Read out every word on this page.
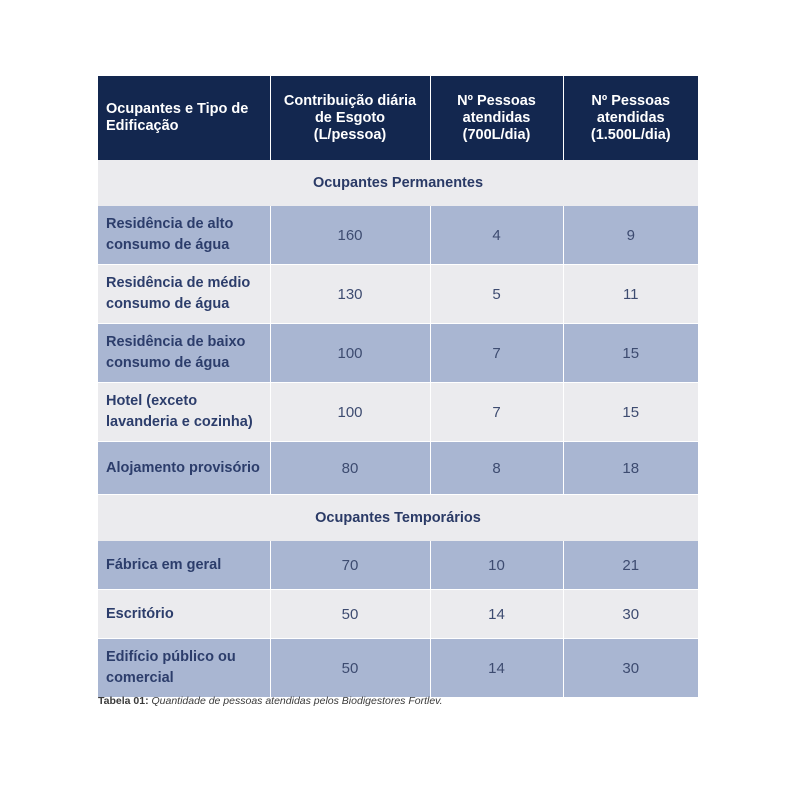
Ocupantes e Tipo de Edificação	Contribuição diária de Esgoto (L/pessoa)	Nº Pessoas atendidas (700L/dia)	Nº Pessoas atendidas (1.500L/dia)
Ocupantes Permanentes			
Residência de alto consumo de água	160	4	9
Residência de médio consumo de água	130	5	11
Residência de baixo consumo de água	100	7	15
Hotel (exceto lavanderia e cozinha)	100	7	15
Alojamento provisório	80	8	18
Ocupantes Temporários			
Fábrica em geral	70	10	21
Escritório	50	14	30
Edifício público ou comercial	50	14	30
Tabela 01: Quantidade de pessoas atendidas pelos Biodigestores Fortlev.
